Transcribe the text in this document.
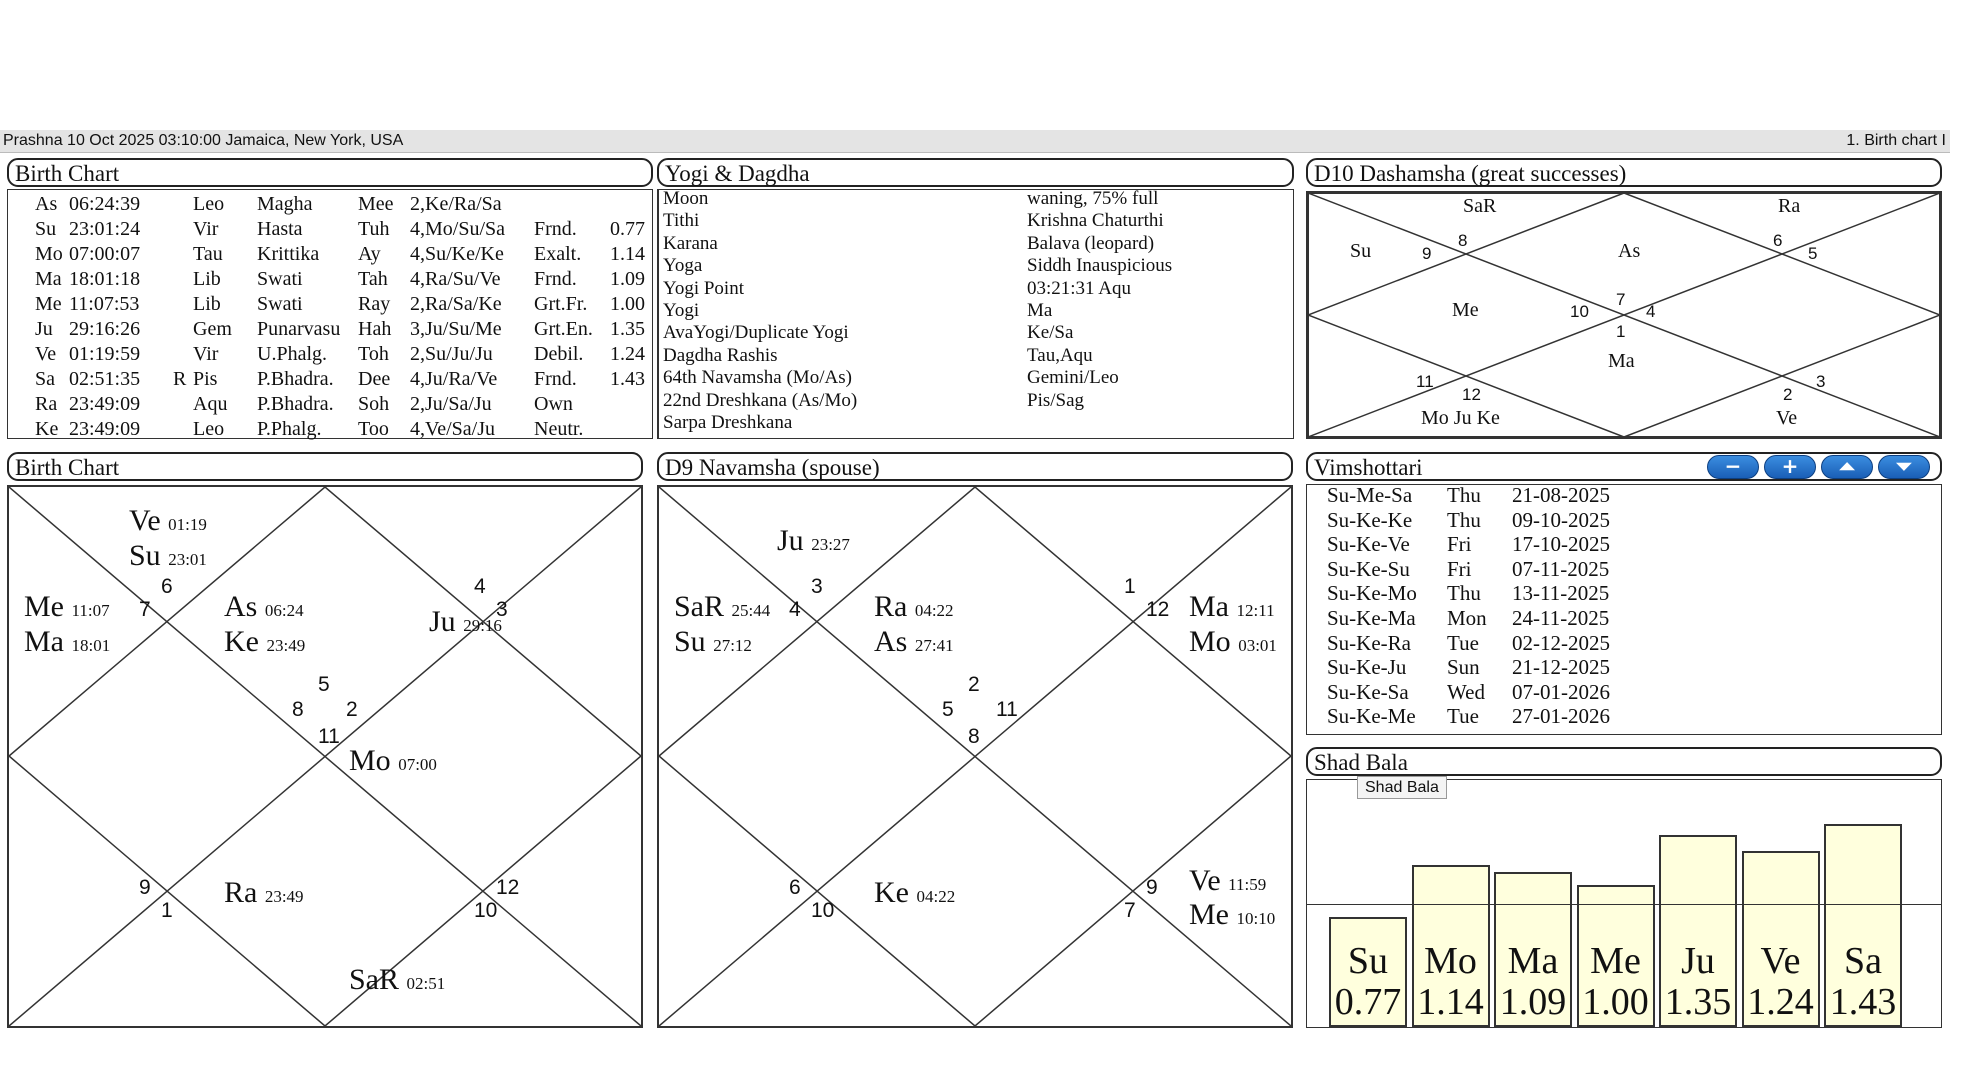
Prashna 10 Oct 2025 03:10:00 Jamaica, New York, USA	1. Birth chart I
Birth Chart
As 06:24:39	Leo Magha Mee 2,Ke/Ra/Sa
Su 23:01:24	Vir Hasta	Tuh 4,Mo/Su/Sa Frnd. 0.77
Mo 07:00:07	Tau Krittika Ay 4,Su/Ke/Ke Exalt. 1.14
Ma 18:01:18	Lib Swati	Tah 4,Ra/Su/Ve Frnd. 1.09
Me 11:07:53	Lib Swati	Ray 2,Ra/Sa/Ke Grt.Fr. 1.00
Ju 29:16:26	Gem Punarvasu Hah 3,Ju/Su/Me Grt.En. 1.35
Ve 01:19:59	Vir U.Phalg. Toh 2,Su/Ju/Ju Debil. 1.24
Sa 02:51:35 R Pis P.Bhadra. Dee 4,Ju/Ra/Ve Frnd. 1.43
Ra 23:49:09	Aqu P.Bhadra. Soh 2,Ju/Sa/Ju Own
Ke 23:49:09	Leo P.Phalg. Too 4,Ve/Sa/Ju Neutr.
Yogi & Dagdha
Moon	waning, 75% full
Tithi	Krishna Chaturthi
Karana	Balava (leopard)
Yoga	Siddh Inauspicious
Yogi Point	03:21:31 Aqu
Yogi	Ma
AvaYogi/Duplicate Yogi	Ke/Sa
Dagdha Rashis	Tau,Aqu
64th Navamsha (Mo/As)	Gemini/Leo
22nd Dreshkana (As/Mo)	Pis/Sag
Sarpa Dreshkana
D10 Dashamsha (great successes)
SaR	Ra
Su	As
Me
Ma
Mo Ju Ke	Ve
8
9
6
5
7
10	4
1
11
12	2
3
Birth Chart
Ve 01:19
Su 23:01
Me 11:07
Ma 18:01
As 06:24
Ke 23:49
Ju 29:16
Mo 07:00
Ra 23:49
SaR 02:51
6	4
7	3
5
8 2
11
9
1	10
12
D9 Navamsha (spouse)
Ju 23:27
SaR 25:44
Su 27:12
Ra 04:22
As 27:41
Ma 12:11
Mo 03:01
Ke 04:22	Ve 11:59
Me 10:10
3	1
4	12
2
5 11
8
6
10	7
9
Vimshottari	−	+	⏶	⏷
Su-Me-Sa Thu 21-08-2025
Su-Ke-Ke Thu 09-10-2025
Su-Ke-Ve Fri 17-10-2025
Su-Ke-Su Fri 07-11-2025
Su-Ke-Mo Thu 13-11-2025
Su-Ke-Ma Mon 24-11-2025
Su-Ke-Ra Tue 02-12-2025
Su-Ke-Ju Sun 21-12-2025
Su-Ke-Sa Wed 07-01-2026
Su-Ke-Me Tue 27-01-2026
Shad Bala
Su
0.77
Mo
1.14
Ma
1.09
Me
1.00
Ju
1.35
Ve
1.24
Sa
1.43
Shad Bala
